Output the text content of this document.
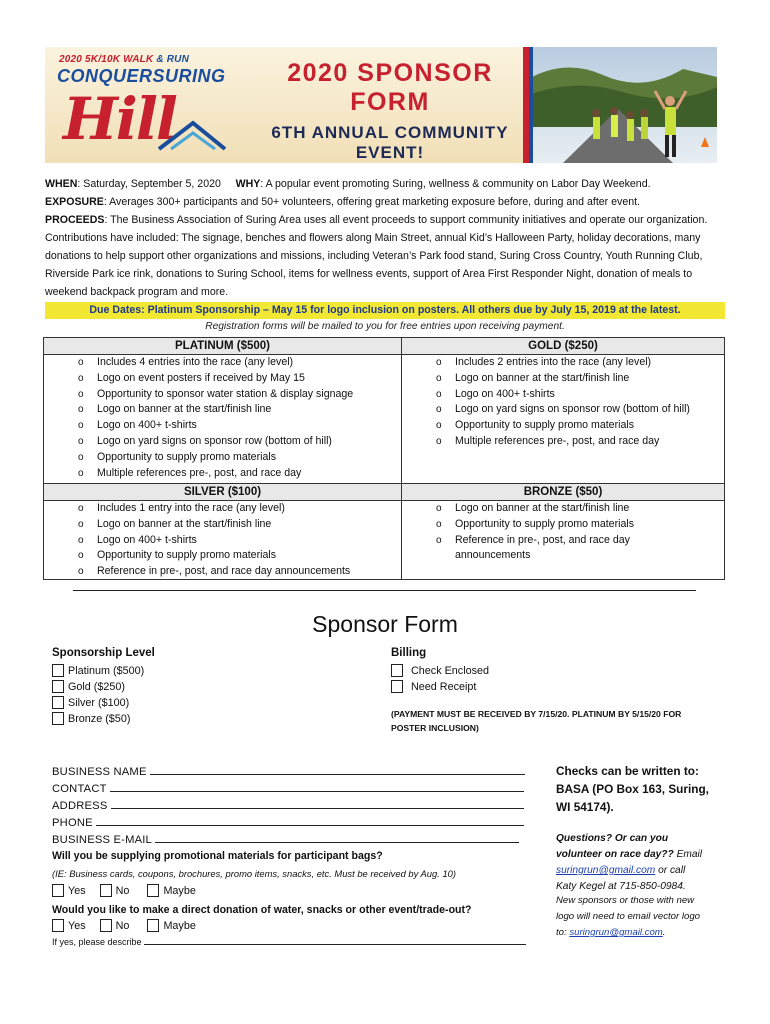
2020 5K/10K WALK & RUN
CONQUERSURING
Hill
2020 SPONSOR FORM
6TH ANNUAL COMMUNITY EVENT!
WHEN: Saturday, September 5, 2020 WHY: A popular event promoting Suring, wellness & community on Labor Day Weekend.
EXPOSURE: Averages 300+ participants and 50+ volunteers, offering great marketing exposure before, during and after event.
PROCEEDS: The Business Association of Suring Area uses all event proceeds to support community initiatives and operate our organization. Contributions have included: The signage, benches and flowers along Main Street, annual Kid’s Halloween Party, holiday decorations, many donations to help support other organizations and missions, including Veteran’s Park food stand, Suring Cross Country, Youth Running Club, Riverside Park ice rink, donations to Suring School, items for wellness events, support of Area First Responder Night, donation of meals to weekend backpack program and more.
Due Dates: Platinum Sponsorship – May 15 for logo inclusion on posters. All others due by July 15, 2019 at the latest.
Registration forms will be mailed to you for free entries upon receiving payment.
PLATINUM ($500)
o Includes 4 entries into the race (any level)
o Logo on event posters if received by May 15
o Opportunity to sponsor water station & display signage
o Logo on banner at the start/finish line
o Logo on 400+ t-shirts
o Logo on yard signs on sponsor row (bottom of hill)
o Opportunity to supply promo materials
o Multiple references pre-, post, and race day
GOLD ($250)
o Includes 2 entries into the race (any level)
o Logo on banner at the start/finish line
o Logo on 400+ t-shirts
o Logo on yard signs on sponsor row (bottom of hill)
o Opportunity to supply promo materials
o Multiple references pre-, post, and race day
SILVER ($100)
o Includes 1 entry into the race (any level)
o Logo on banner at the start/finish line
o Logo on 400+ t-shirts
o Opportunity to supply promo materials
o Reference in pre-, post, and race day announcements
BRONZE ($50)
o Logo on banner at the start/finish line
o Opportunity to supply promo materials
o Reference in pre-, post, and race day
announcements
Sponsor Form
Sponsorship Level
Platinum ($500)
Gold ($250)
Silver ($100)
Bronze ($50)
Billing
Check Enclosed
Need Receipt
(PAYMENT MUST BE RECEIVED BY 7/15/20. PLATINUM BY 5/15/20 FOR
POSTER INCLUSION)
BUSINESS NAME
CONTACT
ADDRESS
PHONE
BUSINESS E-MAIL
Will you be supplying promotional materials for participant bags?
(IE: Business cards, coupons, brochures, promo items, snacks, etc. Must be received by Aug. 10)
Yes	No	Maybe
Would you like to make a direct donation of water, snacks or other event/trade-out?
Yes	No	Maybe
If yes, please describe
Checks can be written to:
BASA (PO Box 163, Suring,
WI 54174).
Questions? Or can you
volunteer on race day?? Email
suringrun@gmail.com or call
Katy Kegel at 715-850-0984.
New sponsors or those with new
logo will need to email vector logo
to: suringrun@gmail.com.
